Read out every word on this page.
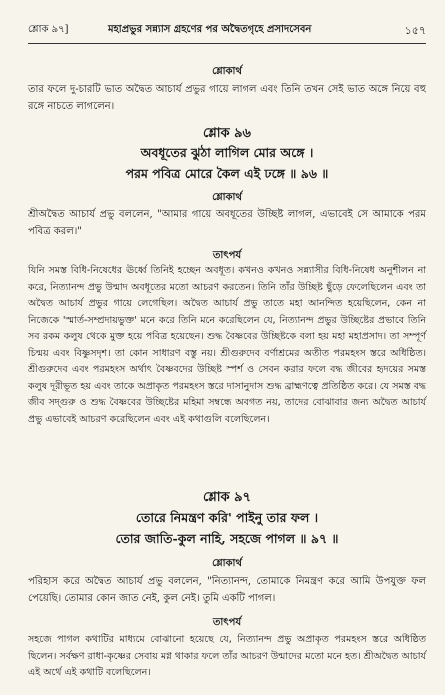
শ্লোক ৯৭]	মহাপ্রভুর সন্ন্যাস গ্রহণের পর অদ্বৈতগৃহে প্রসাদসেবন	১৫৭
শ্লোকার্থ

তার ফলে দু-চারটি ভাত অদ্বৈত আচার্য প্রভুর গায়ে লাগল এবং তিনি তখন সেই ভাত অঙ্গে নিয়ে বহু রঙ্গে নাচতে লাগলেন।

শ্লোক ৯৬
অবধূতের ঝুঠা লাগিল মোর অঙ্গে ।
পরম পবিত্র মোরে কৈল এই ঢঙ্গে ॥ ৯৬ ॥
শ্লোকার্থ

শ্রীঅদ্বৈত আচার্য প্রভু বললেন, "আমার গায়ে অবধূতের উচ্ছিষ্ট লাগল, এভাবেই সে আমাকে পরম পবিত্র করল।"

তাৎপর্য

যিনি সমস্ত বিধি-নিষেধের ঊর্ধ্বে তিনিই হচ্ছেন অবধূত। কখনও কখনও সন্ন্যাসীর বিধি-নিষেধ অনুশীলন না করে, নিত্যানন্দ প্রভু উন্মাদ অবধূতের মতো আচরণ করতেন। তিনি তাঁর উচ্ছিষ্ট ছুঁড়ে ফেলেছিলেন এবং তা অদ্বৈত আচার্য প্রভুর গায়ে লেগেছিল। অদ্বৈত আচার্য প্রভু তাতে মহা আনন্দিত হয়েছিলেন, কেন না নিজেকে 'স্মার্ত-সম্প্রদায়ভুক্ত' মনে করে তিনি মনে করেছিলেন যে, নিত্যানন্দ প্রভুর উচ্ছিষ্টের প্রভাবে তিনি সব রকম কলুষ থেকে মুক্ত হয়ে পবিত্র হয়েছেন। শুদ্ধ বৈষ্ণবের উচ্ছিষ্টকে বলা হয় মহা মহাপ্রসাদ। তা সম্পূর্ণ চিন্ময় এবং বিষ্ণুসদৃশ। তা কোন সাধারণ বস্তু নয়। শ্রীগুরুদেব বর্ণাশ্রমের অতীত পরমহংস স্তরে অধিষ্ঠিত। শ্রীগুরুদেব এবং পরমহংস অর্থাৎ বৈষ্ণবদের উচ্ছিষ্ট স্পর্শ ও সেবন করার ফলে বদ্ধ জীবের হৃদয়ের সমস্ত কলুষ দূরীভূত হয় এবং তাকে অপ্রাকৃত পরমহংস স্তরে দাসানুদাস শুদ্ধ ব্রাহ্মণত্বে প্রতিষ্ঠিত করে। যে সমস্ত বদ্ধ জীব সদ্গুরু ও শুদ্ধ বৈষ্ণবের উচ্ছিষ্টের মহিমা সম্বন্ধে অবগত নয়, তাদের বোঝাবার জন্য অদ্বৈত আচার্য প্রভু এভাবেই আচরণ করেছিলেন এবং এই কথাগুলি বলেছিলেন।

শ্লোক ৯৭
তোরে নিমন্ত্রণ করি' পাইনু তার ফল ।
তোর জাতি-কুল নাহি, সহজে পাগল ॥ ৯৭ ॥
শ্লোকার্থ

পরিহাস করে অদ্বৈত আচার্য প্রভু বললেন, "নিত্যানন্দ, তোমাকে নিমন্ত্রণ করে আমি উপযুক্ত ফল পেয়েছি। তোমার কোন জাত নেই, কুল নেই। তুমি একটি পাগল।

তাৎপর্য

সহজে পাগল কথাটির মাধ্যমে বোঝানো হয়েছে যে, নিত্যানন্দ প্রভু অপ্রাকৃত পরমহংস স্তরে অধিষ্ঠিত ছিলেন। সর্বক্ষণ রাধা-কৃষ্ণের সেবায় মগ্ন থাকার ফলে তাঁর আচরণ উন্মাদের মতো মনে হত। শ্রীঅদ্বৈত আচার্য এই অর্থে এই কথাটি বলেছিলেন।
